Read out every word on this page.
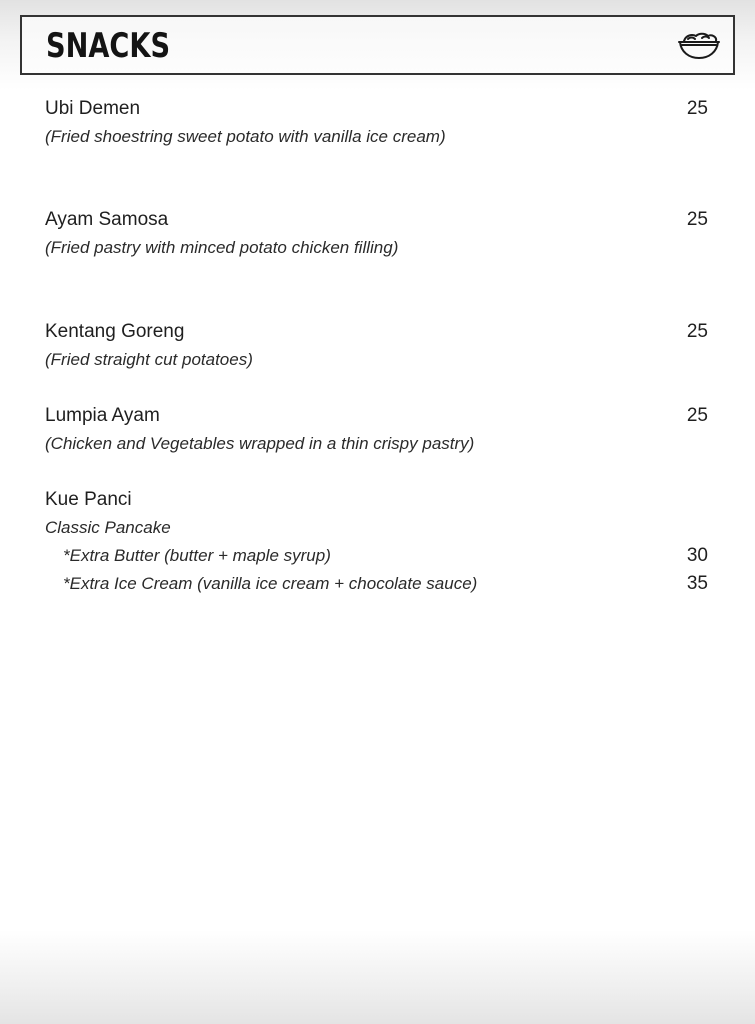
SNACKS
Ubi Demen	25
(Fried shoestring sweet potato with vanilla ice cream)
Ayam Samosa	25
(Fried pastry with minced potato chicken filling)
Kentang Goreng	25
(Fried straight cut potatoes)
Lumpia Ayam	25
(Chicken and Vegetables wrapped in a thin crispy pastry)
Kue Panci
Classic Pancake
*Extra Butter (butter + maple syrup)	30
*Extra Ice Cream (vanilla ice cream + chocolate sauce)	35
